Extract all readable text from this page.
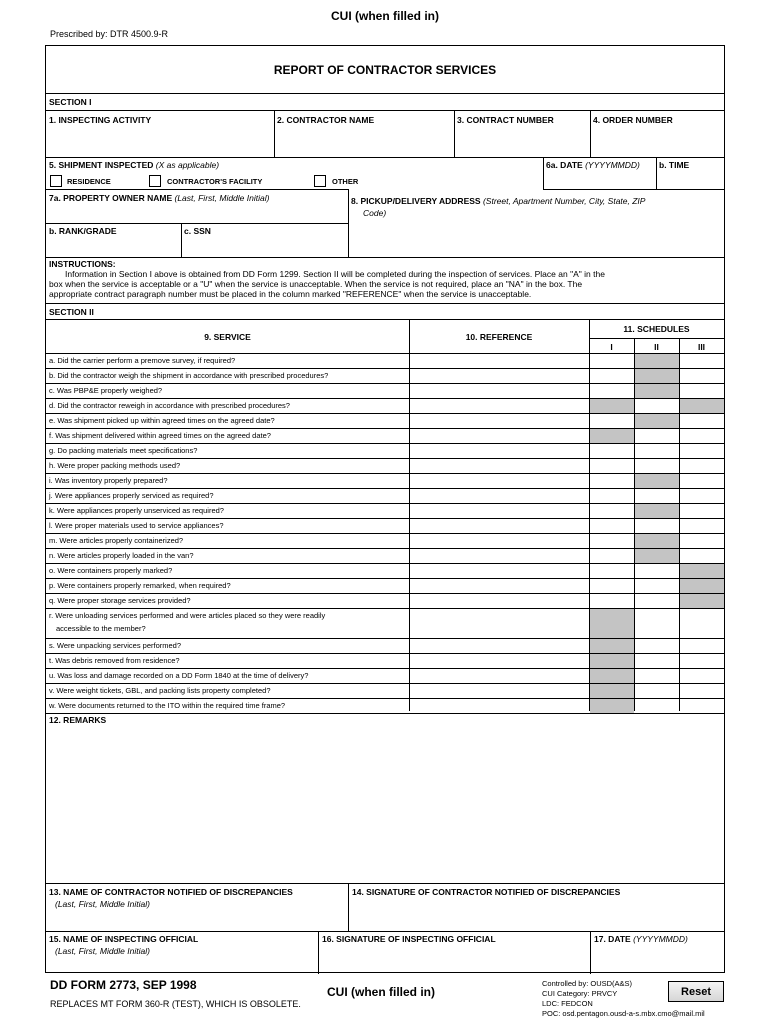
CUI (when filled in)
Prescribed by: DTR 4500.9-R
REPORT OF CONTRACTOR SERVICES
SECTION I
1. INSPECTING ACTIVITY	2. CONTRACTOR NAME	3. CONTRACT NUMBER	4. ORDER NUMBER
5. SHIPMENT INSPECTED (X as applicable)
RESIDENCE	CONTRACTOR'S FACILITY	OTHER
6a. DATE (YYYYMMDD) b. TIME
7a. PROPERTY OWNER NAME (Last, First, Middle Initial)	8. PICKUP/DELIVERY ADDRESS (Street, Apartment Number, City, State, ZIP
Code)
b. RANK/GRADE	c. SSN
INSTRUCTIONS:
Information in Section I above is obtained from DD Form 1299. Section II will be completed during the inspection of services. Place an "A" in the
box when the service is acceptable or a "U" when the service is unacceptable. When the service is not required, place an "NA" in the box. The
appropriate contract paragraph number must be placed in the column marked "REFERENCE" when the service is unacceptable.
SECTION II
9. SERVICE	10. REFERENCE
11. SCHEDULES
I	II	III
a. Did the carrier perform a premove survey, if required?
b. Did the contractor weigh the shipment in accordance with prescribed procedures?
c. Was PBP&E properly weighed?
d. Did the contractor reweigh in accordance with prescribed procedures?
e. Was shipment picked up within agreed times on the agreed date?
f. Was shipment delivered within agreed times on the agreed date?
g. Do packing materials meet specifications?
h. Were proper packing methods used?
i. Was inventory properly prepared?
j. Were appliances properly serviced as required?
k. Were appliances properly unserviced as required?
l. Were proper materials used to service appliances?
m. Were articles properly containerized?
n. Were articles properly loaded in the van?
o. Were containers properly marked?
p. Were containers properly remarked, when required?
q. Were proper storage services provided?
r. Were unloading services performed and were articles placed so they were readily
accessible to the member?
s. Were unpacking services performed?
t. Was debris removed from residence?
u. Was loss and damage recorded on a DD Form 1840 at the time of delivery?
v. Were weight tickets, GBL, and packing lists property completed?
w. Were documents returned to the ITO within the required time frame?
12. REMARKS
13. NAME OF CONTRACTOR NOTIFIED OF DISCREPANCIES
(Last, First, Middle Initial)
14. SIGNATURE OF CONTRACTOR NOTIFIED OF DISCREPANCIES
15. NAME OF INSPECTING OFFICIAL
(Last, First, Middle Initial)
16. SIGNATURE OF INSPECTING OFFICIAL	17. DATE (YYYYMMDD)
DD FORM 2773, SEP 1998
REPLACES MT FORM 360-R (TEST), WHICH IS OBSOLETE.
CUI (when filled in)
Controlled by: OUSD(A&S)
CUI Category: PRVCY
LDC: FEDCON
POC: osd.pentagon.ousd-a-s.mbx.cmo@mail.mil
Reset
